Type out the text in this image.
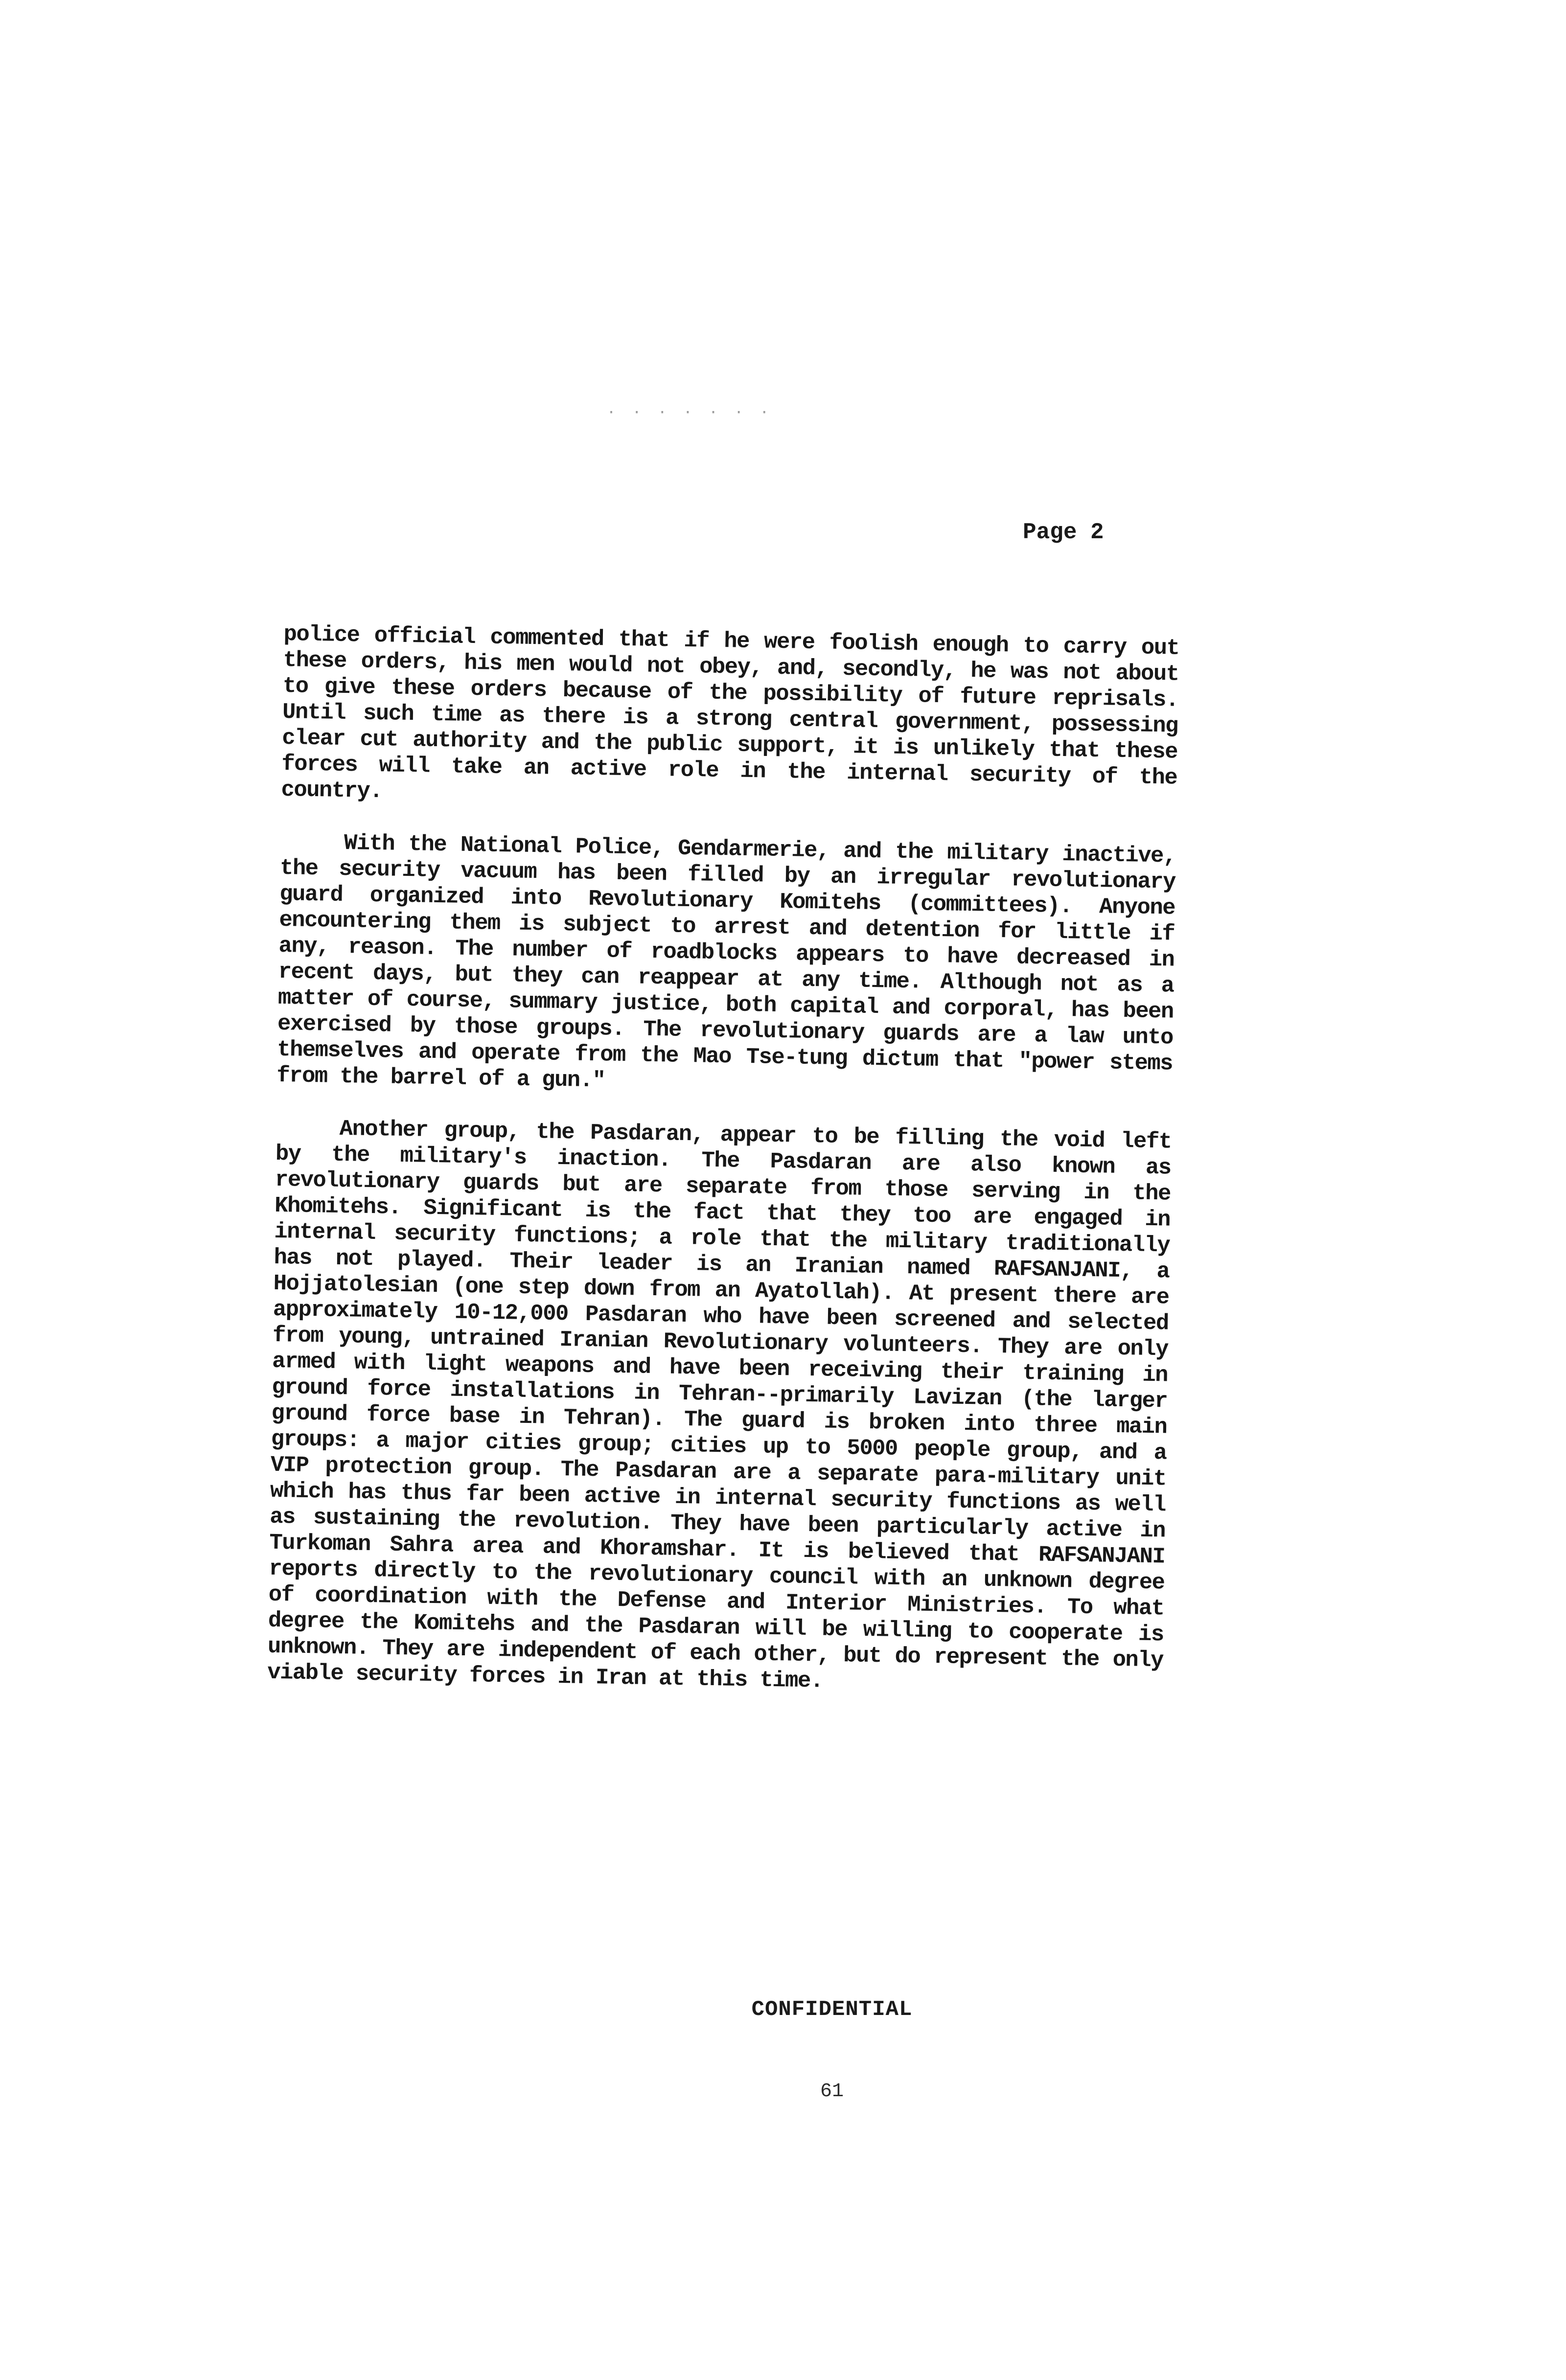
· · · · · · ·
Page 2

police official commented that if he were foolish enough to carry out these orders, his men would not obey, and, secondly, he was not about to give these orders because of the possibility of future reprisals. Until such time as there is a strong central government, possessing clear cut authority and the public support, it is unlikely that these forces will take an active role in the internal security of the country.

With the National Police, Gendarmerie, and the military inactive, the security vacuum has been filled by an irregular revolutionary guard organized into Revolutionary Komitehs (committees). Anyone encountering them is subject to arrest and detention for little if any, reason. The number of roadblocks appears to have decreased in recent days, but they can reappear at any time. Although not as a matter of course, summary justice, both capital and corporal, has been exercised by those groups. The revolutionary guards are a law unto themselves and operate from the Mao Tse-tung dictum that "power stems from the barrel of a gun."

Another group, the Pasdaran, appear to be filling the void left by the military's inaction. The Pasdaran are also known as revolutionary guards but are separate from those serving in the Khomitehs. Significant is the fact that they too are engaged in internal security functions; a role that the military traditionally has not played. Their leader is an Iranian named RAFSANJANI, a Hojjatolesian (one step down from an Ayatollah). At present there are approximately 10-12,000 Pasdaran who have been screened and selected from young, untrained Iranian Revolutionary volunteers. They are only armed with light weapons and have been receiving their training in ground force installations in Tehran--primarily Lavizan (the larger ground force base in Tehran). The guard is broken into three main groups: a major cities group; cities up to 5000 people group, and a VIP protection group. The Pasdaran are a separate para-military unit which has thus far been active in internal security functions as well as sustaining the revolution. They have been particularly active in Turkoman Sahra area and Khoramshar. It is believed that RAFSANJANI reports directly to the revolutionary council with an unknown degree of coordination with the Defense and Interior Ministries. To what degree the Komitehs and the Pasdaran will be willing to cooperate is unknown. They are independent of each other, but do represent the only viable security forces in Iran at this time.

CONFIDENTIAL
61
